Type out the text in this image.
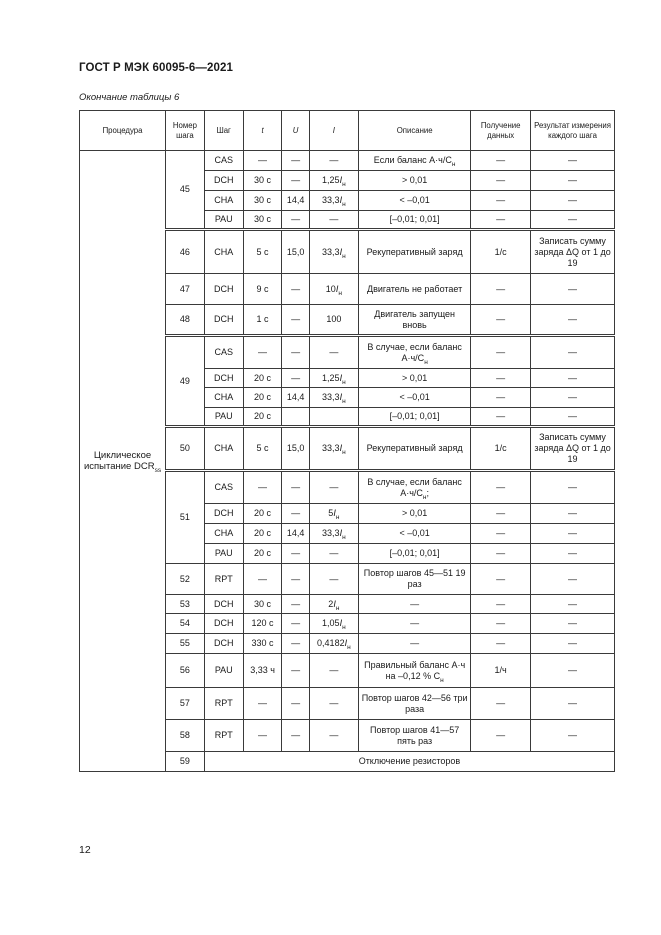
ГОСТ Р МЭК 60095-6—2021
Окончание таблицы 6
Процедура	Номер шага	Шаг	t	U	I	Описание	Получение данных	Результат измерения каждого шага
Циклическое испытание $DCR_{ss}$	45	CAS	—	—	—	Если баланс $А\cdot ч/C_н$	—	—
		DCH	30 с	—	$1,25I_н$	> 0,01	—	—
		CHA	30 с	14,4	$33,3I_н$	< –0,01	—	—
		PAU	30 с	—	—	[–0,01; 0,01]	—	—
	46	CHA	5 с	15,0	$33,3I_н$	Рекуперативный заряд	1/с	Записать сумму заряда ΔQ от 1 до 19
	47	DCH	9 с	—	$10I_н$	Двигатель не работает	—	—
	48	DCH	1 с	—	100	Двигатель запущен вновь	—	—
	49	CAS	—	—	—	В случае, если баланс $А\cdot ч/C_н$	—	—
		DCH	20 с	—	$1,25I_н$	> 0,01	—	—
		CHA	20 с	14,4	$33,3I_н$	< –0,01	—	—
		PAU	20 с			[–0,01; 0,01]	—	—
	50	CHA	5 с	15,0	$33,3I_н$	Рекуперативный заряд	1/с	Записать сумму заряда ΔQ от 1 до 19
	51	CAS	—	—	—	В случае, если баланс $А\cdot ч/C_н$;	—	—
		DCH	20 с	—	$5I_н$	> 0,01	—	—
		CHA	20 с	14,4	$33,3I_н$	< –0,01	—	—
		PAU	20 с	—	—	[–0,01; 0,01]	—	—
	52	RPT	—	—	—	Повтор шагов 45—51 19 раз	—	—
	53	DCH	30 с	—	$2I_н$	—	—	—
	54	DCH	120 с	—	$1,05I_н$	—	—	—
	55	DCH	330 с	—	$0,4182I_н$	—	—	—
	56	PAU	3,33 ч	—	—	Правильный баланс А·ч на –0,12 % $C_н$	1/ч	—
	57	RPT	—	—	—	Повтор шагов 42—56 три раза	—	—
	58	RPT	—	—	—	Повтор шагов 41—57 пять раз	—	—
	59	Отключение резисторов						
12
